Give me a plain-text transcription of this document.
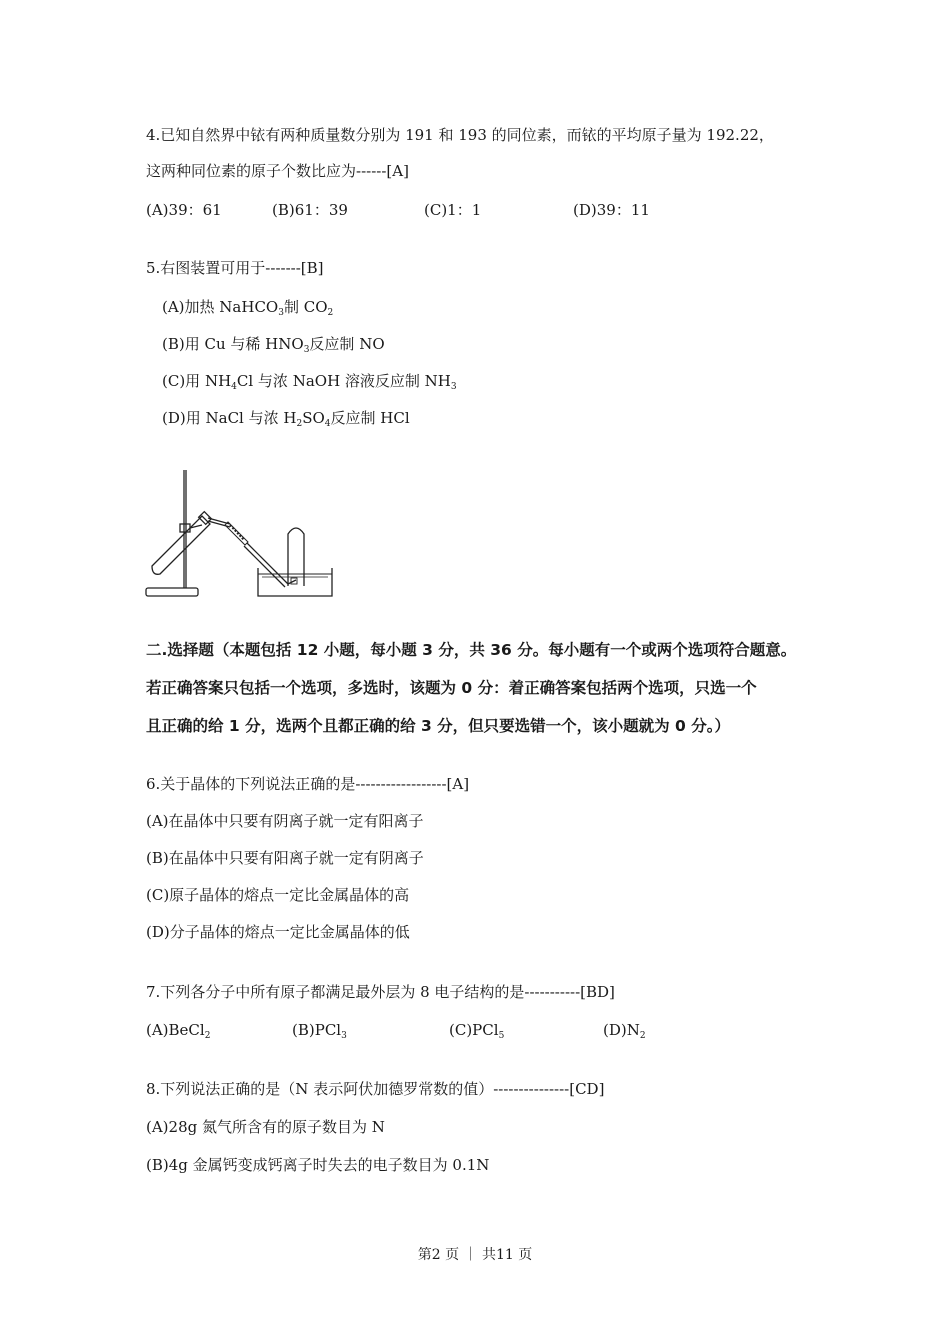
4.已知自然界中铱有两种质量数分别为 191 和 193 的同位素，而铱的平均原子量为 192.22，
这两种同位素的原子个数比应为------[A]
(A)39：61	(B)61：39	(C)1：1	(D)39：11
5.右图装置可用于-------[B]
(A)加热 NaHCO$_3$制 $CO_2$
(B)用 Cu 与稀 $HNO_3$反应制 NO
(C)用 $NH_4Cl$ 与浓 NaOH 溶液反应制 $NH_3$
(D)用 NaCl 与浓 $H_2SO_4$反应制 HCl
二.选择题（本题包括 12 小题，每小题 3 分，共 36 分。每小题有一个或两个选项符合题意。
若正确答案只包括一个选项，多选时，该题为 0 分：着正确答案包括两个选项，只选一个
且正确的给 1 分，选两个且都正确的给 3 分，但只要选错一个，该小题就为 0 分。）
6.关于晶体的下列说法正确的是------------------[A]
(A)在晶体中只要有阴离子就一定有阳离子
(B)在晶体中只要有阳离子就一定有阴离子
(C)原子晶体的熔点一定比金属晶体的高
(D)分子晶体的熔点一定比金属晶体的低
7.下列各分子中所有原子都满足最外层为 8 电子结构的是-----------[BD]
(A)BeCl$_2$	(B)PCl$_3$	(C)PCl$_5$	$(D)N_2$
8.下列说法正确的是（N 表示阿伏加德罗常数的值）---------------[CD]
(A)28g 氮气所含有的原子数目为 N
(B)4g 金属钙变成钙离子时失去的电子数目为 0.1N
第2 页 ｜ 共11 页
